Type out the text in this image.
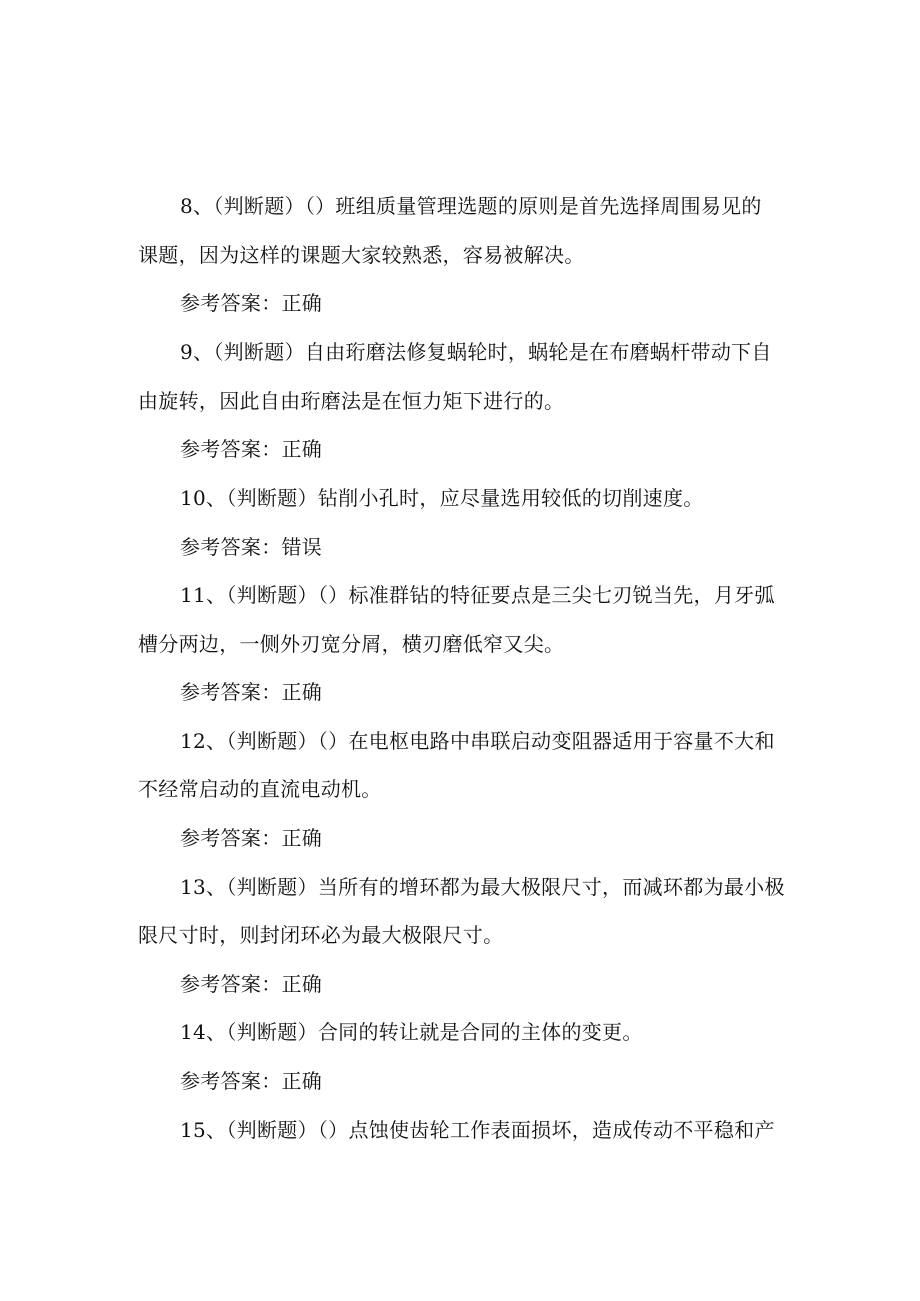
8、（判断题）（）班组质量管理选题的原则是首先选择周围易见的
课题，因为这样的课题大家较熟悉，容易被解决。
参考答案：正确
9、（判断题）自由珩磨法修复蜗轮时，蜗轮是在布磨蜗杆带动下自
由旋转，因此自由珩磨法是在恒力矩下进行的。
参考答案：正确
10、（判断题）钻削小孔时，应尽量选用较低的切削速度。
参考答案：错误
11、（判断题）（）标准群钻的特征要点是三尖七刃锐当先，月牙弧
槽分两边，一侧外刃宽分屑，横刃磨低窄又尖。
参考答案：正确
12、（判断题）（）在电枢电路中串联启动变阻器适用于容量不大和
不经常启动的直流电动机。
参考答案：正确
13、（判断题）当所有的增环都为最大极限尺寸，而减环都为最小极
限尺寸时，则封闭环必为最大极限尺寸。
参考答案：正确
14、（判断题）合同的转让就是合同的主体的变更。
参考答案：正确
15、（判断题）（）点蚀使齿轮工作表面损坏，造成传动不平稳和产
